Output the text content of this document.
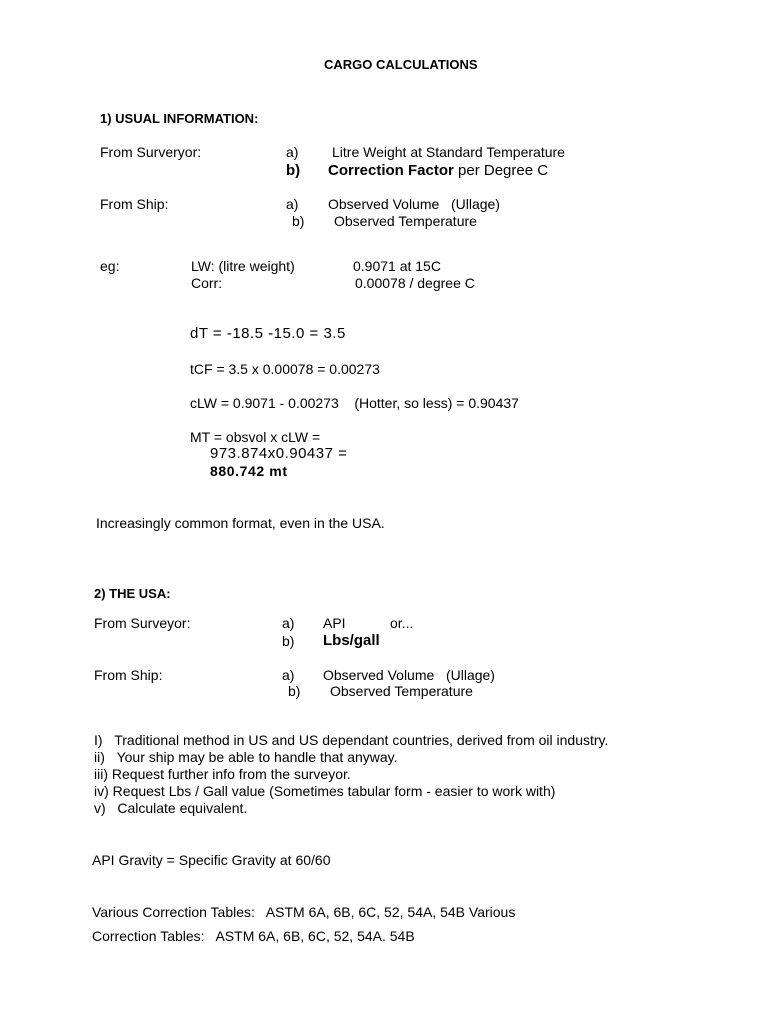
CARGO CALCULATIONS
1) USUAL INFORMATION:
From Surveryor:	a) Litre Weight at Standard Temperature
b) Correction Factor per Degree C
From Ship:	a) Observed Volume   (Ullage)
b) Observed Temperature
eg:	LW: (litre weight)	0.9071 at 15C
Corr:	0.00078 / degree C
dT = -18.5 -15.0 = 3.5
tCF = 3.5 x 0.00078 = 0.00273
cLW = 0.9071 - 0.00273    (Hotter, so less) = 0.90437
MT = obsvol x cLW =
973.874x0.90437 =
880.742 mt
Increasingly common format, even in the USA.
2) THE USA:
From Surveyor:	a) API	or...
b) Lbs/gall
From Ship:	a) Observed Volume   (Ullage)
b) Observed Temperature
I) Traditional method in US and US dependant countries, derived from oil industry.
ii) Your ship may be able to handle that anyway.
iii) Request further info from the surveyor.
iv) Request Lbs / Gall value (Sometimes tabular form - easier to work with)
v) Calculate equivalent.
API Gravity = Specific Gravity at 60/60
Various Correction Tables:   ASTM 6A, 6B, 6C, 52, 54A, 54B Various
Correction Tables:   ASTM 6A, 6B, 6C, 52, 54A. 54B
